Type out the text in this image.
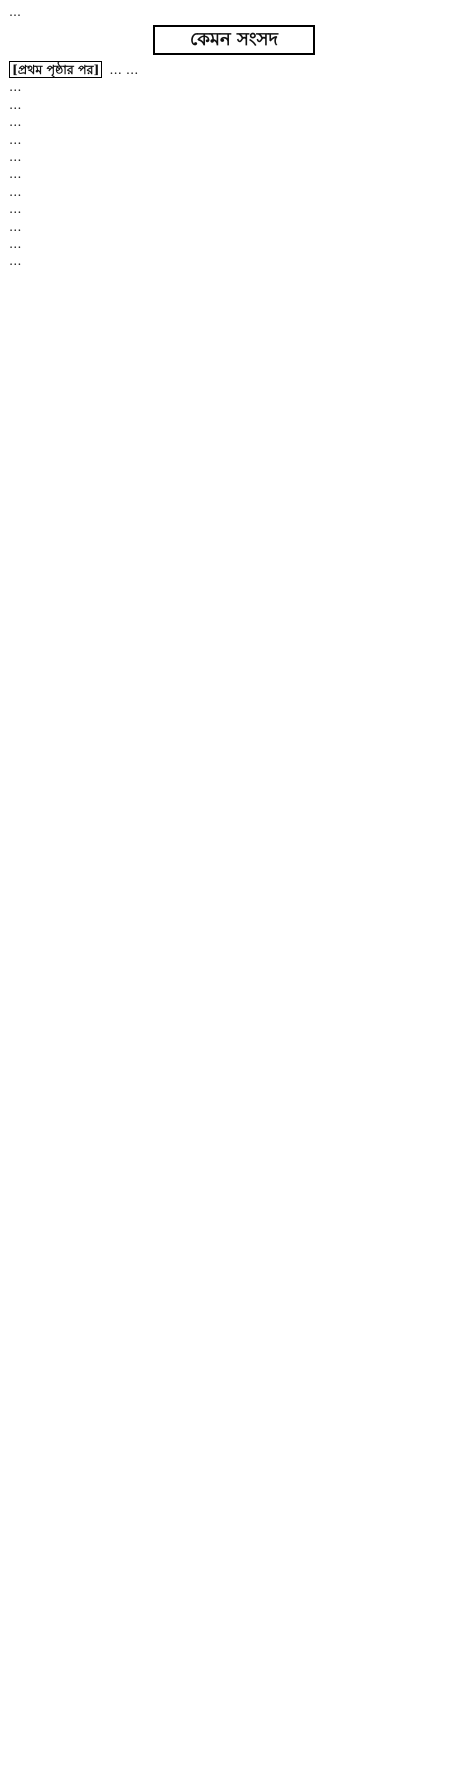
…

কেমন সংসদ

[প্রথম পৃষ্ঠার পর] … …

…

…

…

…

…

…

…

…

…

…

…
